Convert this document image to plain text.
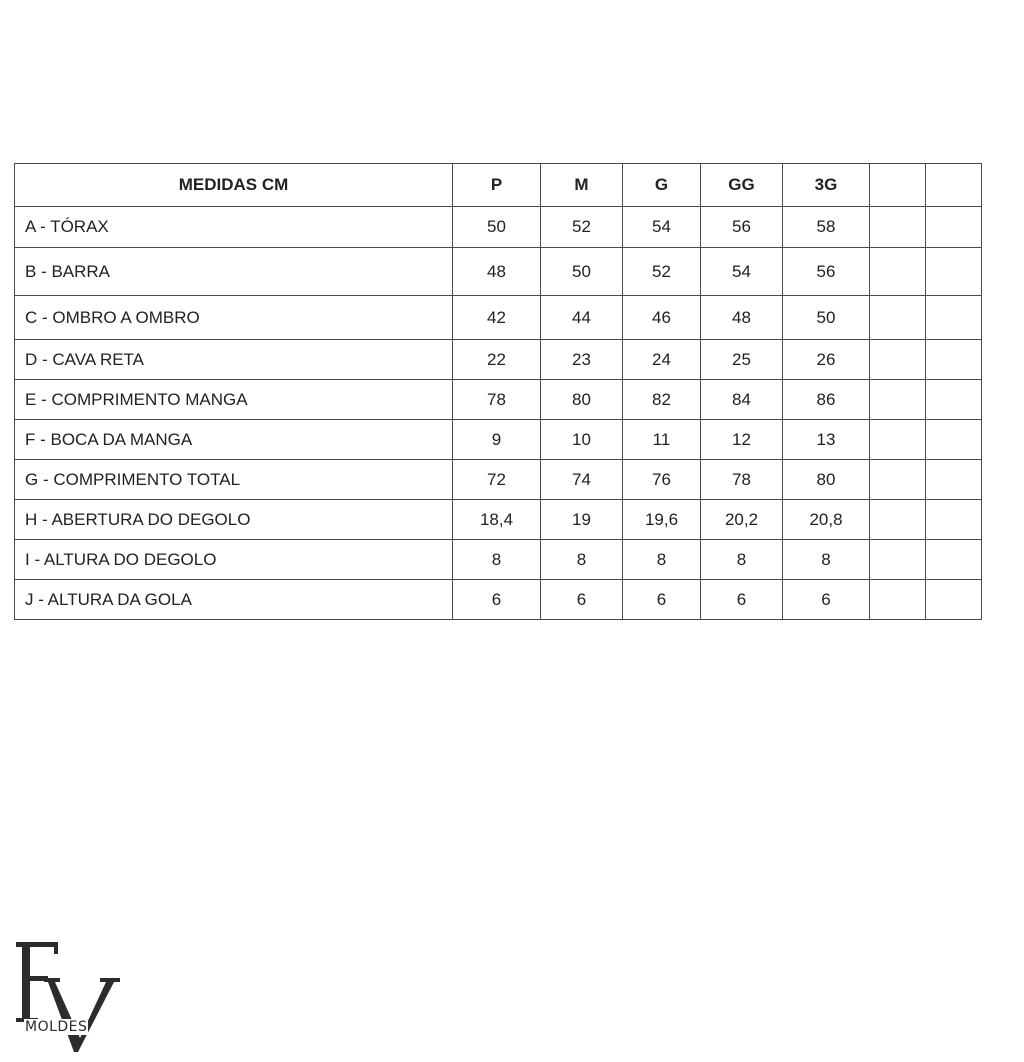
MEDIDAS CM	P	M	G	GG	3G		
A - TÓRAX	50	52	54	56	58		
B - BARRA	48	50	52	54	56		
C - OMBRO A OMBRO	42	44	46	48	50		
D - CAVA RETA	22	23	24	25	26		
E - COMPRIMENTO MANGA	78	80	82	84	86		
F - BOCA DA MANGA	9	10	11	12	13		
G - COMPRIMENTO TOTAL	72	74	76	78	80		
H - ABERTURA DO DEGOLO	18,4	19	19,6	20,2	20,8		
I - ALTURA DO DEGOLO	8	8	8	8	8		
J - ALTURA DA GOLA	6	6	6	6	6		
MOLDES
